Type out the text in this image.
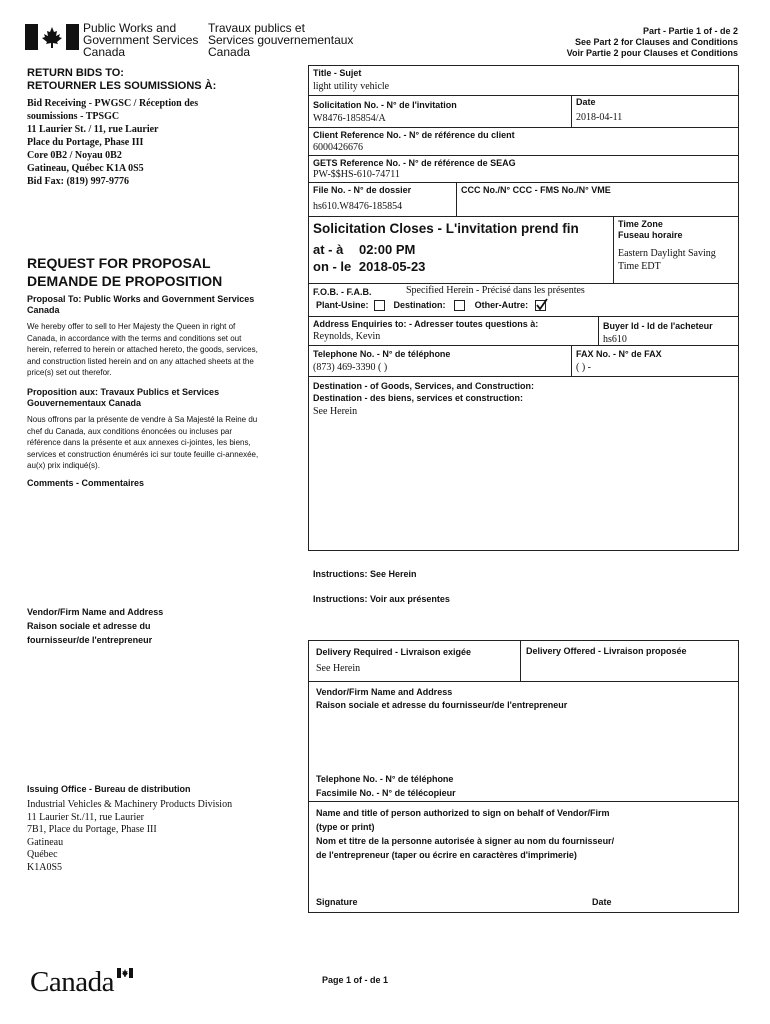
Public Works and
Government Services
Canada
Travaux publics et
Services gouvernementaux
Canada
Part - Partie 1 of - de 2
See Part 2 for Clauses and Conditions
Voir Partie 2 pour Clauses et Conditions
RETURN BIDS TO:
RETOURNER LES SOUMISSIONS À:
Bid Receiving - PWGSC / Réception des
soumissions - TPSGC
11 Laurier St. / 11, rue Laurier
Place du Portage, Phase III
Core 0B2 / Noyau 0B2
Gatineau, Québec K1A 0S5
Bid Fax: (819) 997-9776
REQUEST FOR PROPOSAL
DEMANDE DE PROPOSITION
Proposal To: Public Works and Government Services Canada
We hereby offer to sell to Her Majesty the Queen in right of Canada, in accordance with the terms and conditions set out herein, referred to herein or attached hereto, the goods, services, and construction listed herein and on any attached sheets at the price(s) set out therefor.
Proposition aux: Travaux Publics et Services Gouvernementaux Canada
Nous offrons par la présente de vendre à Sa Majesté la Reine du chef du Canada, aux conditions énoncées ou incluses par référence dans la présente et aux annexes ci-jointes, les biens, services et construction énumérés ici sur toute feuille ci-annexée, au(x) prix indiqué(s).
Comments - Commentaires
Title - Sujet
light utility vehicle
Solicitation No. - N° de l'invitation
W8476-185854/A
Date
2018-04-11
Client Reference No. - N° de référence du client
6000426676
GETS Reference No. - N° de référence de SEAG
PW-$$HS-610-74711
File No. - N° de dossier
hs610.W8476-185854
CCC No./N° CCC - FMS No./N° VME
Solicitation Closes - L'invitation prend fin
at - à 02:00 PM
on - le 2018-05-23
Time Zone
Fuseau horaire
Eastern Daylight Saving Time EDT
F.O.B. - F.A.B.	Specified Herein - Précisé dans les présentes
Plant-Usine:	Destination:	Other-Autre:
Address Enquiries to: - Adresser toutes questions à:
Reynolds, Kevin
Buyer Id - Id de l'acheteur
hs610
Telephone No. - N° de téléphone
(873) 469-3390 ( )
FAX No. - N° de FAX
( ) -
Destination - of Goods, Services, and Construction:
Destination - des biens, services et construction:
See Herein
Instructions: See Herein
Instructions: Voir aux présentes
Vendor/Firm Name and Address
Raison sociale et adresse du
fournisseur/de l'entrepreneur
Delivery Required - Livraison exigée
See Herein
Delivery Offered - Livraison proposée
Vendor/Firm Name and Address
Raison sociale et adresse du fournisseur/de l'entrepreneur
Telephone No. - N° de téléphone
Facsimile No. - N° de télécopieur
Name and title of person authorized to sign on behalf of Vendor/Firm
(type or print)
Nom et titre de la personne autorisée à signer au nom du fournisseur/
de l'entrepreneur (taper ou écrire en caractères d'imprimerie)
Signature	Date
Issuing Office - Bureau de distribution
Industrial Vehicles & Machinery Products Division
11 Laurier St./11, rue Laurier
7B1, Place du Portage, Phase III
Gatineau
Québec
K1A0S5
Canada	Page 1 of - de 1
